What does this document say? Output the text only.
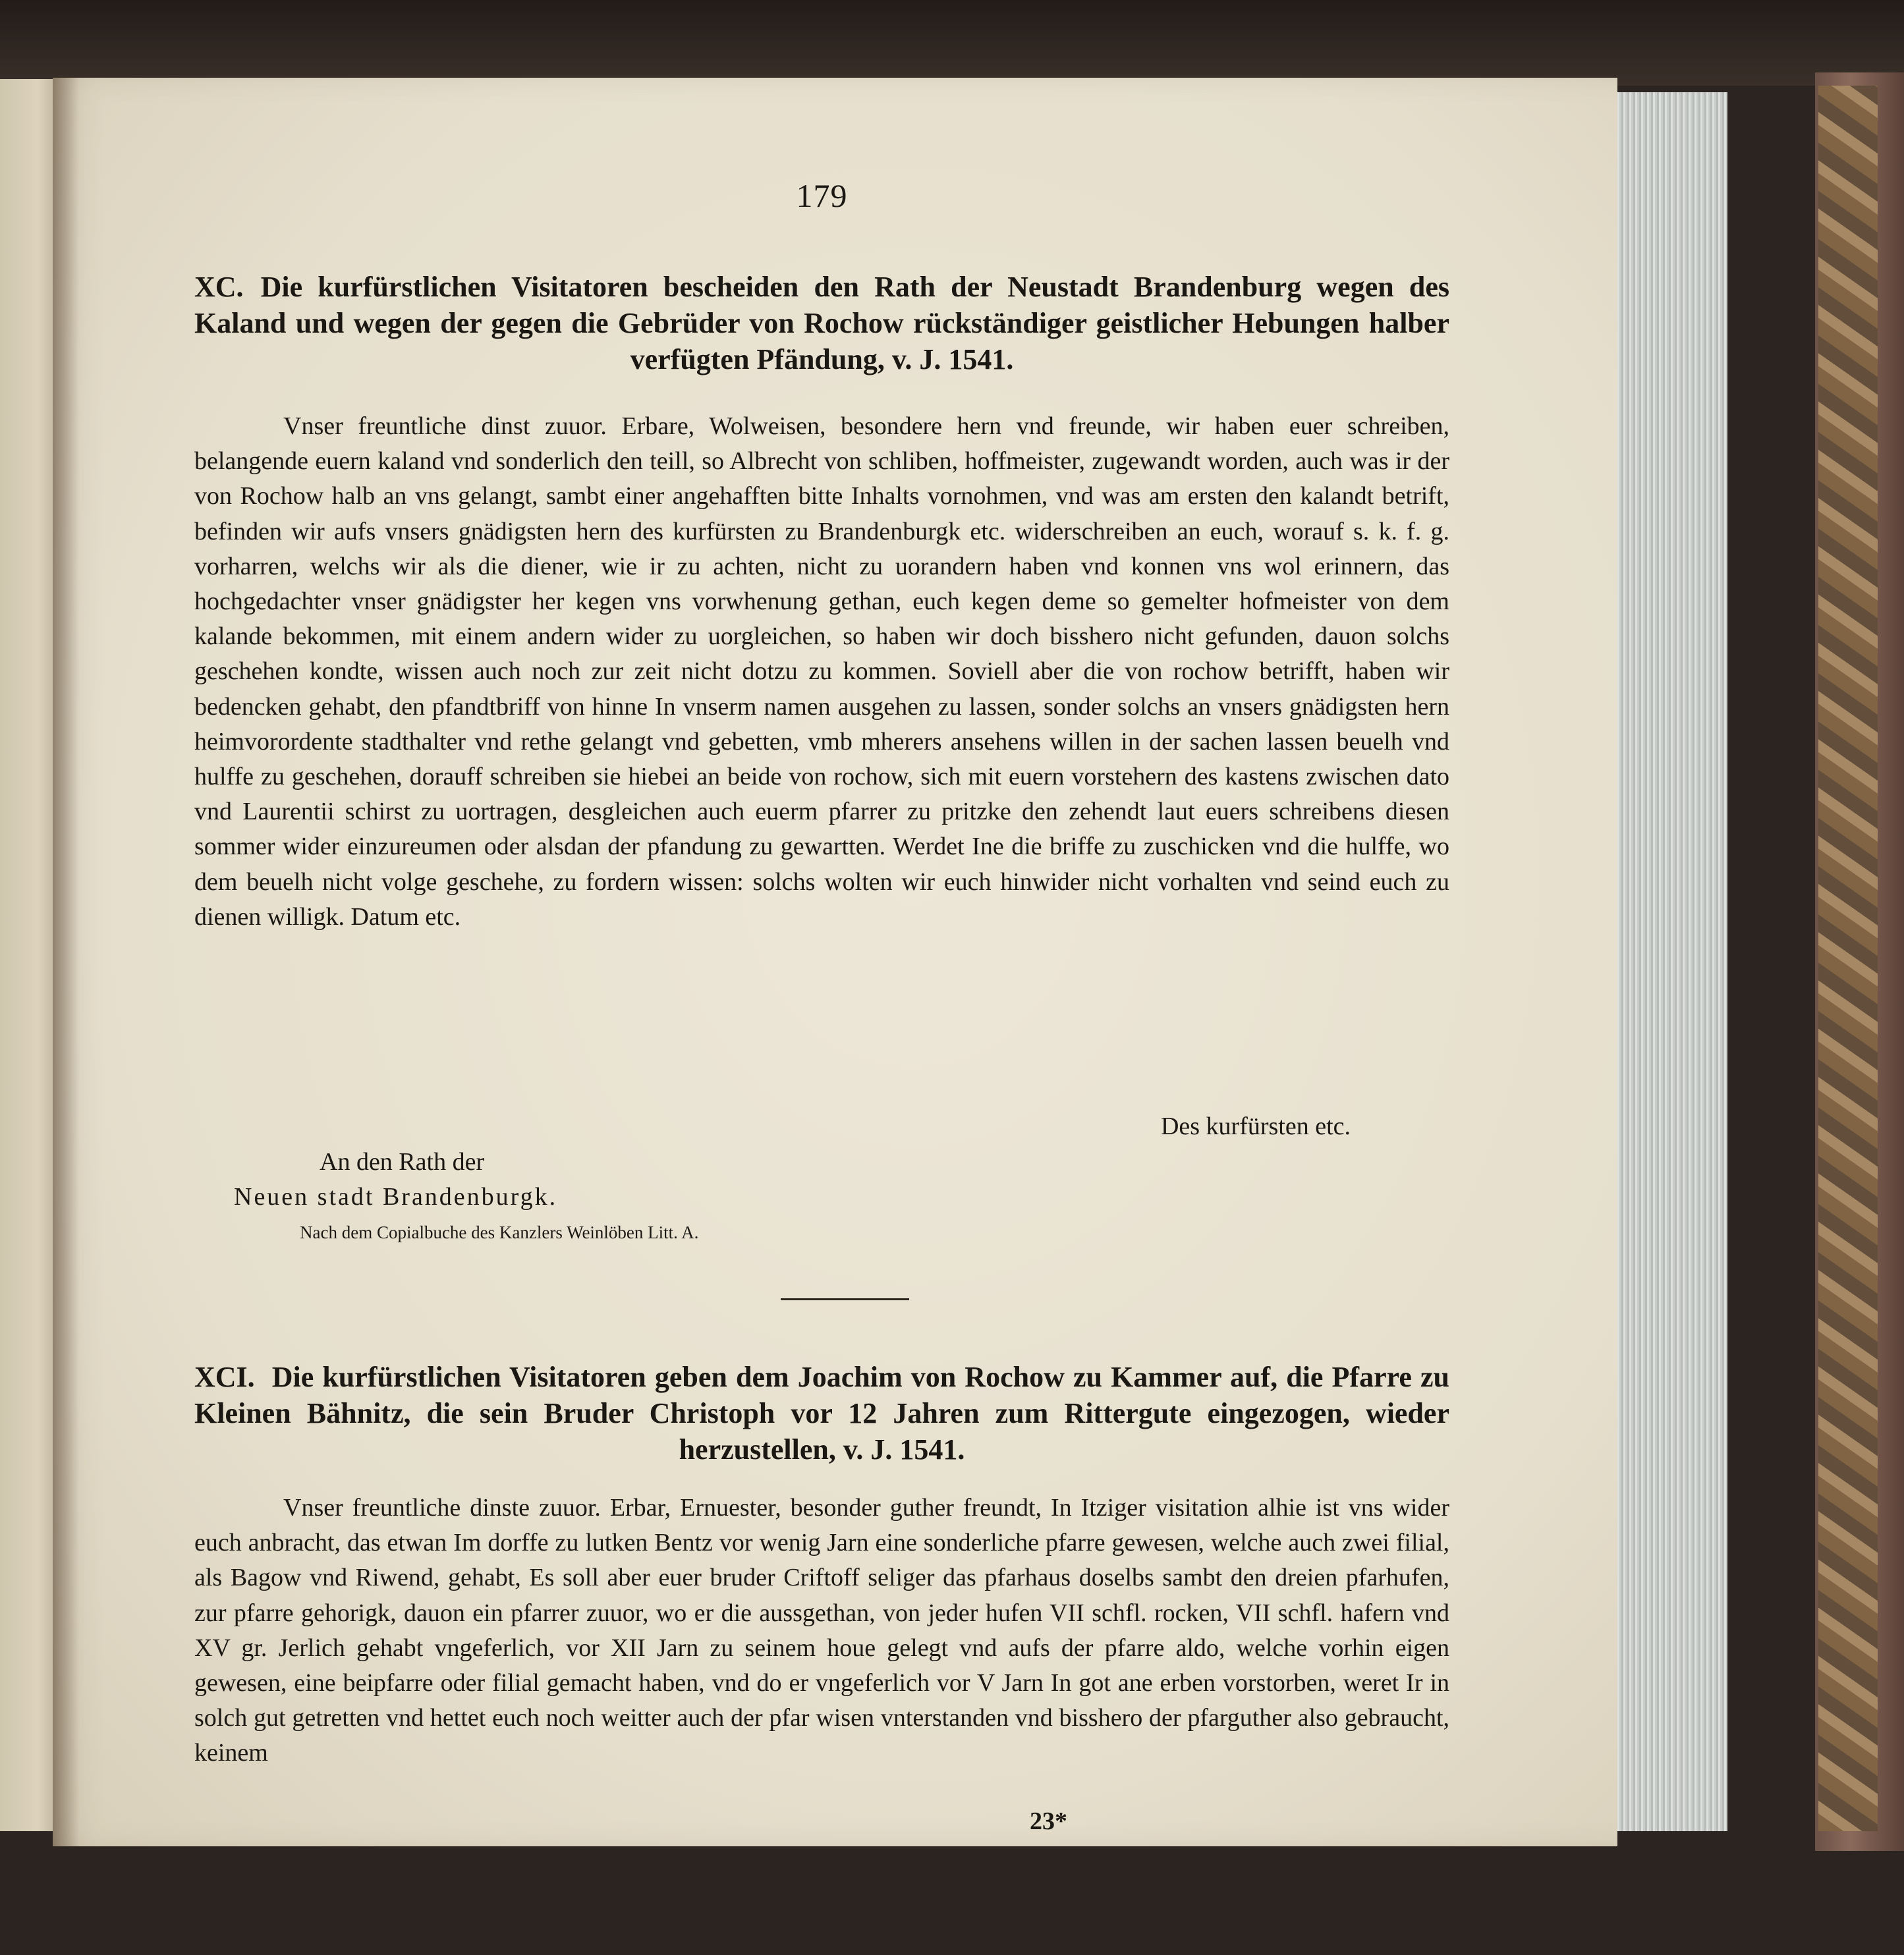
179
XC. Die kurfürstlichen Visitatoren bescheiden den Rath der Neustadt Brandenburg wegen des Kaland und wegen der gegen die Gebrüder von Rochow rückständiger geistlicher Hebungen halber verfügten Pfändung, v. J. 1541.
Vnser freuntliche dinst zuuor. Erbare, Wolweisen, besondere hern vnd freunde, wir haben euer schreiben, belangende euern kaland vnd sonderlich den teill, so Albrecht von schliben, hoffmeister, zugewandt worden, auch was ir der von Rochow halb an vns gelangt, sambt einer angehafften bitte Inhalts vornohmen, vnd was am ersten den kalandt betrift, befinden wir aufs vnsers gnädigsten hern des kurfürsten zu Brandenburgk etc. widerschreiben an euch, worauf s. k. f. g. vorharren, welchs wir als die diener, wie ir zu achten, nicht zu uorandern haben vnd konnen vns wol erinnern, das hochgedachter vnser gnädigster her kegen vns vorwhenung gethan, euch kegen deme so gemelter hofmeister von dem kalande bekommen, mit einem andern wider zu uorgleichen, so haben wir doch bisshero nicht gefunden, dauon solchs geschehen kondte, wissen auch noch zur zeit nicht dotzu zu kommen. Soviell aber die von rochow betrifft, haben wir bedencken gehabt, den pfandtbriff von hinne In vnserm namen ausgehen zu lassen, sonder solchs an vnsers gnädigsten hern heimvorordente stadthalter vnd rethe gelangt vnd gebetten, vmb mherers ansehens willen in der sachen lassen beuelh vnd hulffe zu geschehen, dorauff schreiben sie hiebei an beide von rochow, sich mit euern vorstehern des kastens zwischen dato vnd Laurentii schirst zu uortragen, desgleichen auch euerm pfarrer zu pritzke den zehendt laut euers schreibens diesen sommer wider einzureumen oder alsdan der pfandung zu gewartten. Werdet Ine die briffe zu zuschicken vnd die hulffe, wo dem beuelh nicht volge geschehe, zu fordern wissen: solchs wolten wir euch hinwider nicht vorhalten vnd seind euch zu dienen willigk. Datum etc.
Des kurfürsten etc.
An den Rath der
Neuen stadt Brandenburgk.
Nach dem Copialbuche des Kanzlers Weinlöben Litt. A.
XCI. Die kurfürstlichen Visitatoren geben dem Joachim von Rochow zu Kammer auf, die Pfarre zu Kleinen Bähnitz, die sein Bruder Christoph vor 12 Jahren zum Rittergute eingezogen, wieder herzustellen, v. J. 1541.
Vnser freuntliche dinste zuuor. Erbar, Ernuester, besonder guther freundt, In Itziger visitation alhie ist vns wider euch anbracht, das etwan Im dorffe zu lutken Bentz vor wenig Jarn eine sonderliche pfarre gewesen, welche auch zwei filial, als Bagow vnd Riwend, gehabt, Es soll aber euer bruder Criftoff seliger das pfarhaus doselbs sambt den dreien pfarhufen, zur pfarre gehorigk, dauon ein pfarrer zuuor, wo er die aussgethan, von jeder hufen VII schfl. rocken, VII schfl. hafern vnd XV gr. Jerlich gehabt vngeferlich, vor XII Jarn zu seinem houe gelegt vnd aufs der pfarre aldo, welche vorhin eigen gewesen, eine beipfarre oder filial gemacht haben, vnd do er vngeferlich vor V Jarn In got ane erben vorstorben, weret Ir in solch gut getretten vnd hettet euch noch weitter auch der pfar wisen vnterstanden vnd bisshero der pfarguther also gebraucht, keinem
23*
